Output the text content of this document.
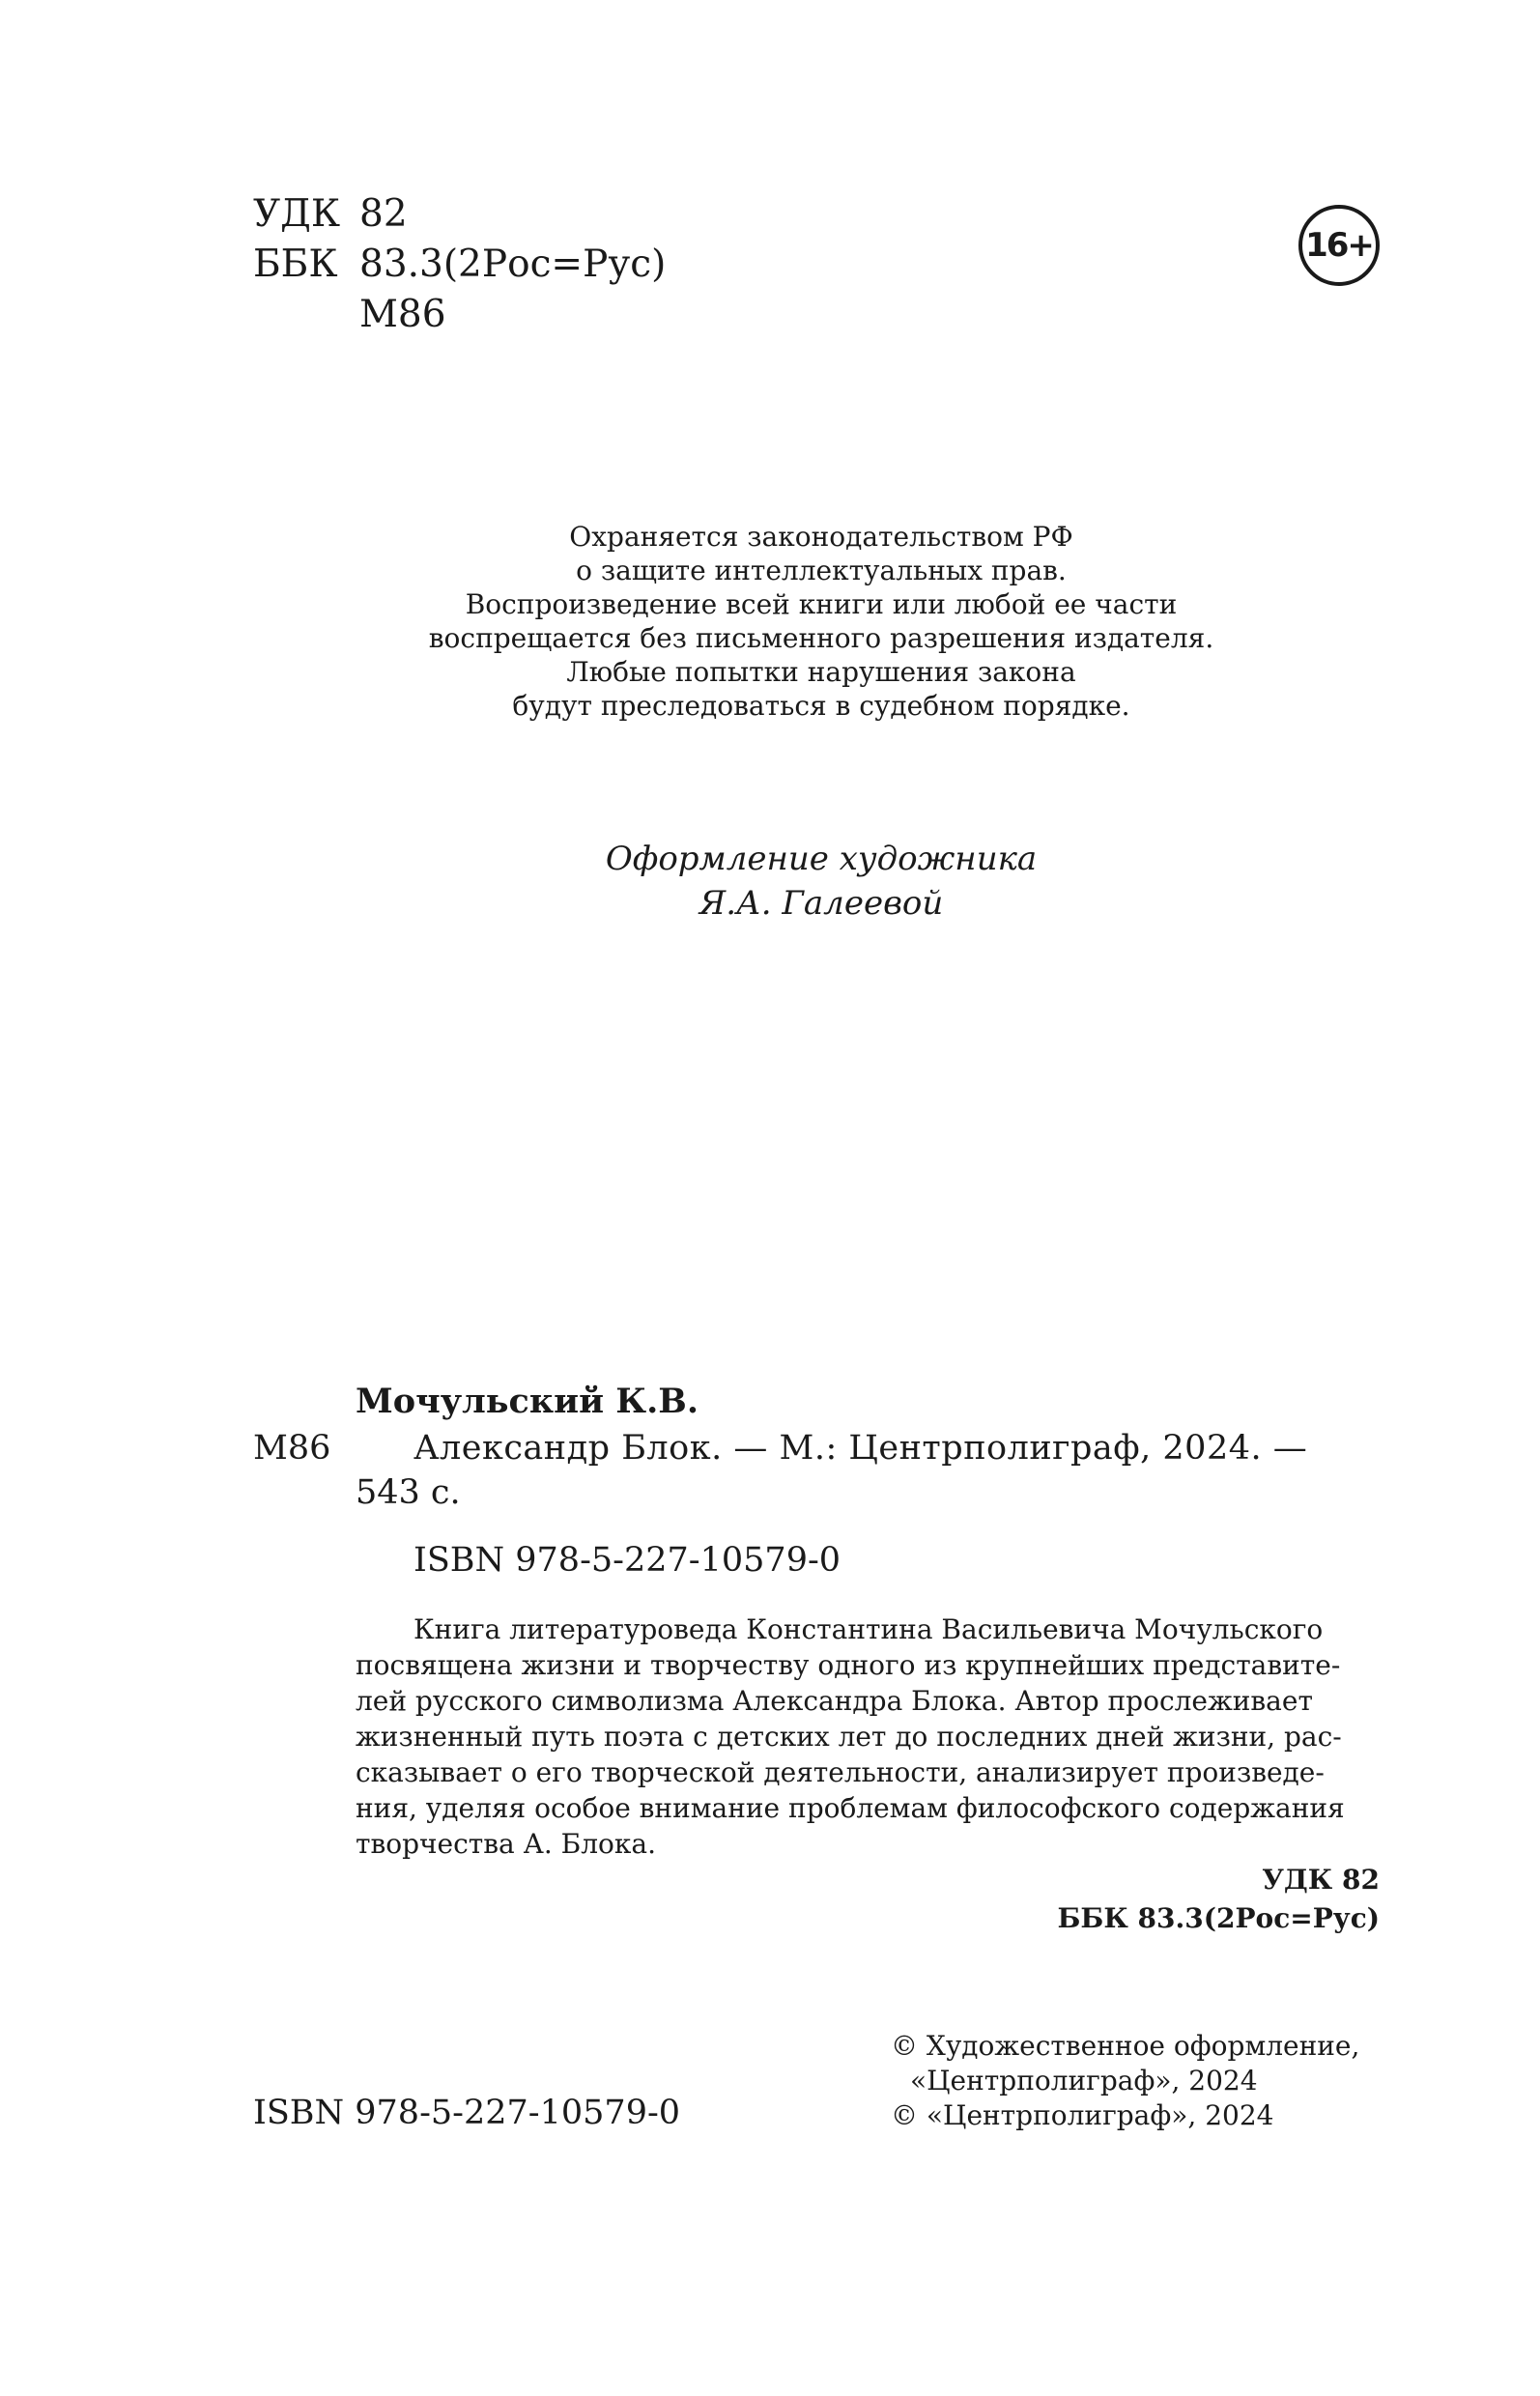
УДК 82
ББК 83.3(2Рос=Рус)
М86
16+
Охраняется законодательством РФ
о защите интеллектуальных прав.
Воспроизведение всей книги или любой ее части
воспрещается без письменного разрешения издателя.
Любые попытки нарушения закона
будут преследоваться в судебном порядке.
Оформление художника
Я.А. Галеевой
Мочульский К.В.
М86 Александр Блок. — М.: Центрполиграф, 2024. —
543 с.
ISBN 978-5-227-10579-0
Книга литературоведа Константина Васильевича Мочульского
посвящена жизни и творчеству одного из крупнейших представите-
лей русского символизма Александра Блока. Автор прослеживает
жизненный путь поэта с детских лет до последних дней жизни, рас-
сказывает о его творческой деятельности, анализирует произведе-
ния, уделяя особое внимание проблемам философского содержания
творчества А. Блока.
УДК 82
ББК 83.3(2Рос=Рус)
ISBN 978-5-227-10579-0
© Художественное оформление,
«Центрполиграф», 2024
© «Центрполиграф», 2024
